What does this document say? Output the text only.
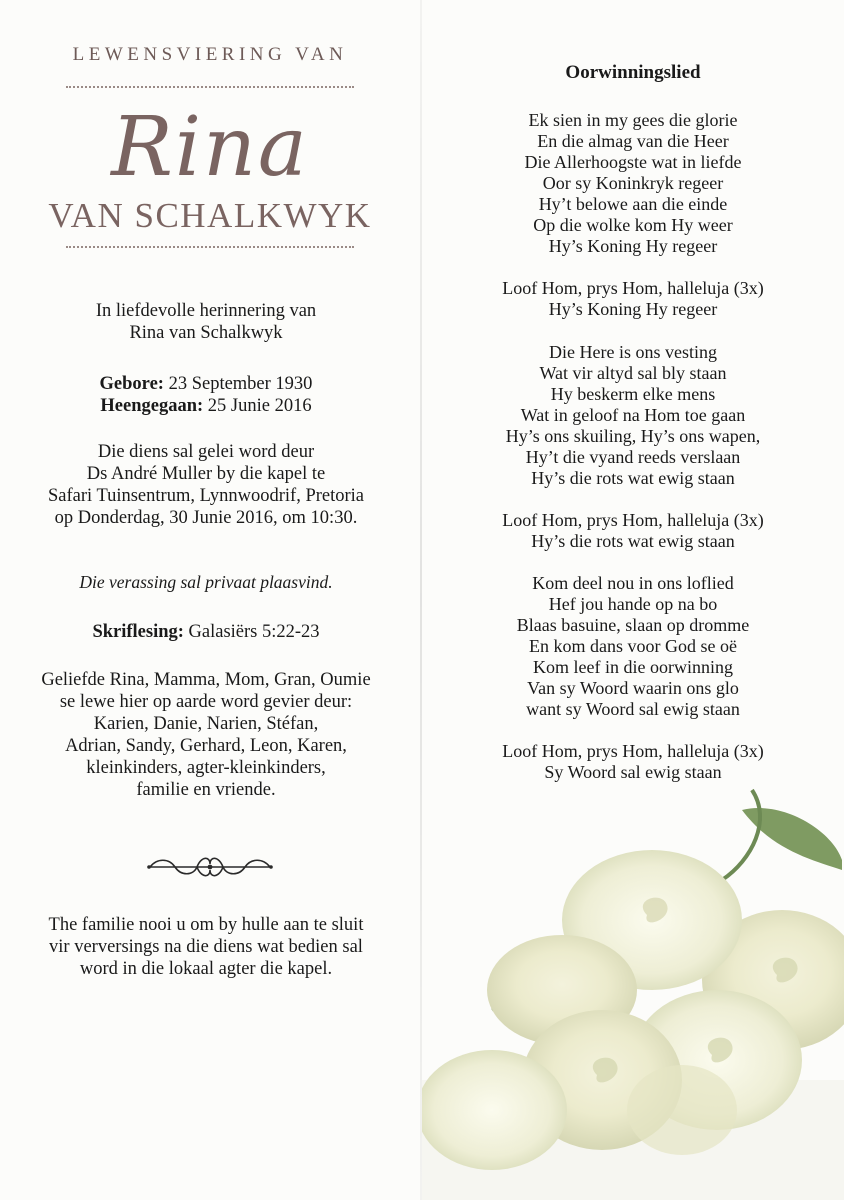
LEWENSVIERING VAN
Rina
VAN SCHALKWYK
In liefdevolle herinnering van
Rina van Schalkwyk
Gebore: 23 September 1930
Heengegaan: 25 Junie 2016
Die diens sal gelei word deur
Ds André Muller by die kapel te
Safari Tuinsentrum, Lynnwoodrif, Pretoria
op Donderdag, 30 Junie 2016, om 10:30.
Die verassing sal privaat plaasvind.
Skriflesing: Galasiërs 5:22-23
Geliefde Rina, Mamma, Mom, Gran, Oumie
se lewe hier op aarde word gevier deur:
Karien, Danie, Narien, Stéfan,
Adrian, Sandy, Gerhard, Leon, Karen,
kleinkinders, agter-kleinkinders,
familie en vriende.
The familie nooi u om by hulle aan te sluit
vir verversings na die diens wat bedien sal
word in die lokaal agter die kapel.
Oorwinningslied
Ek sien in my gees die glorie
En die almag van die Heer
Die Allerhoogste wat in liefde
Oor sy Koninkryk regeer
Hy’t belowe aan die einde
Op die wolke kom Hy weer
Hy’s Koning Hy regeer
Loof Hom, prys Hom, halleluja (3x)
Hy’s Koning Hy regeer
Die Here is ons vesting
Wat vir altyd sal bly staan
Hy beskerm elke mens
Wat in geloof na Hom toe gaan
Hy’s ons skuiling, Hy’s ons wapen,
Hy’t die vyand reeds verslaan
Hy’s die rots wat ewig staan
Loof Hom, prys Hom, halleluja (3x)
Hy’s die rots wat ewig staan
Kom deel nou in ons loflied
Hef jou hande op na bo
Blaas basuine, slaan op dromme
En kom dans voor God se oë
Kom leef in die oorwinning
Van sy Woord waarin ons glo
want sy Woord sal ewig staan
Loof Hom, prys Hom, halleluja (3x)
Sy Woord sal ewig staan
